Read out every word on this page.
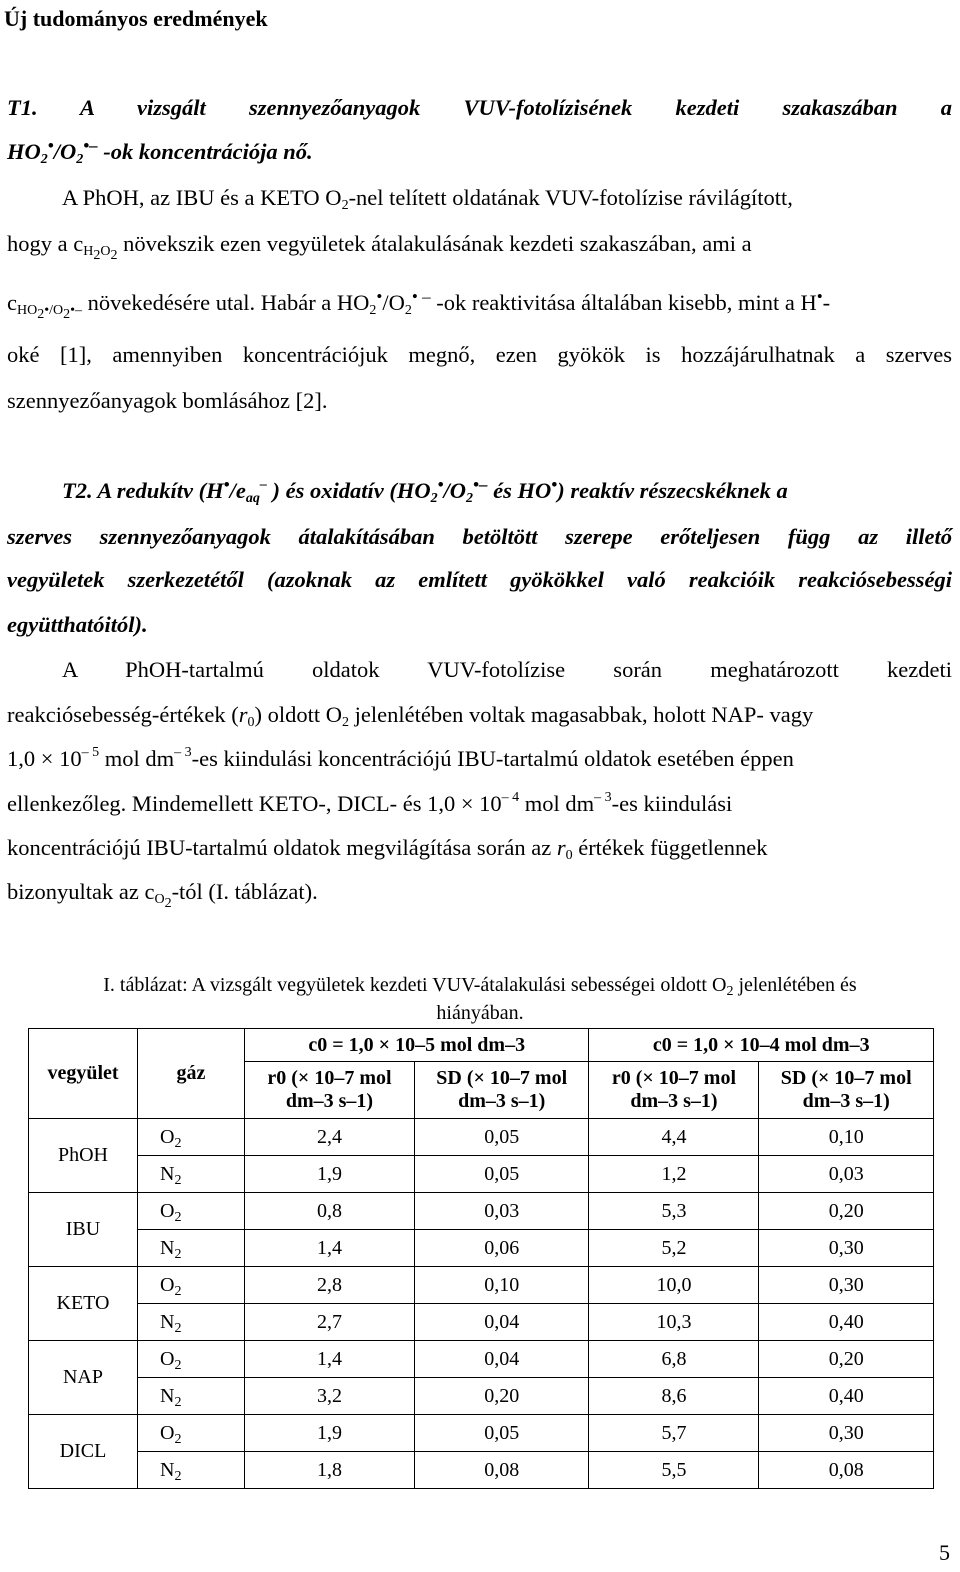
Új tudományos eredmények
T1. A vizsgált szennyezőanyagok VUV-fotolízisének kezdeti szakaszában a
$HO_2^•/O_2^{•-}$ -ok koncentrációja nő.
A PhOH, az IBU és a KETO $O_2$-nel telített oldatának VUV-fotolízise rávilágított,
hogy a $c_{H_2O_2}$ növekszik ezen vegyületek átalakulásának kezdeti szakaszában, ami a
$c_{HO_2•/O_2•-}$ növekedésére utal. Habár a $HO_2^•/O_2^{• -}$ -ok reaktivitása általában kisebb, mint a H•-
oké [1], amennyiben koncentrációjuk megnő, ezen gyökök is hozzájárulhatnak a szerves
szennyezőanyagok bomlásához [2].
T2. A redukítv ($H^•/e_{aq}^-$ ) és oxidatív ($HO_2^•/O_2^{•-}$ és HO•) reaktív részecskéknek a
szerves szennyezőanyagok átalakításában betöltött szerepe erőteljesen függ az illető
vegyületek szerkezetétől (azoknak az említett gyökökkel való reakcióik reakciósebességi
együtthatóitól).
A PhOH-tartalmú oldatok VUV-fotolízise során meghatározott kezdeti
reakciósebesség-értékek $(r_0)$ oldott $O_2$ jelenlétében voltak magasabbak, holott NAP- vagy
$1,0 \times 10^{- 5}$ mol $dm^{- 3}-es$ kiindulási koncentrációjú IBU-tartalmú oldatok esetében éppen
ellenkezőleg. Mindemellett KETO-, DICL- és $1,0 \times 10^{- 4}$ mol $dm^{- 3}-es$ kiindulási
koncentrációjú IBU-tartalmú oldatok megvilágítása során az $r_0$ értékek függetlennek
bizonyultak az $c_{O_2}$-tól (I. táblázat).
I. táblázat: A vizsgált vegyületek kezdeti VUV-átalakulási sebességei oldott $O_2$ jelenlétében és
hiányában.
vegyület	gáz	c0 = 1,0 × 10–5 mol dm–3		c0 = 1,0 × 10–4 mol dm–3	
		r0 (× 10–7 mol dm–3 s–1)	SD (× 10–7 mol dm–3 s–1)	r0 (× 10–7 mol dm–3 s–1)	SD (× 10–7 mol dm–3 s–1)
PhOH	$O_2$	2,4	0,05	4,4	0,10
	$N_2$	1,9	0,05	1,2	0,03
IBU	$O_2$	0,8	0,03	5,3	0,20
	$N_2$	1,4	0,06	5,2	0,30
KETO	$O_2$	2,8	0,10	10,0	0,30
	$N_2$	2,7	0,04	10,3	0,40
NAP	$O_2$	1,4	0,04	6,8	0,20
	$N_2$	3,2	0,20	8,6	0,40
DICL	$O_2$	1,9	0,05	5,7	0,30
	$N_2$	1,8	0,08	5,5	0,08
5
